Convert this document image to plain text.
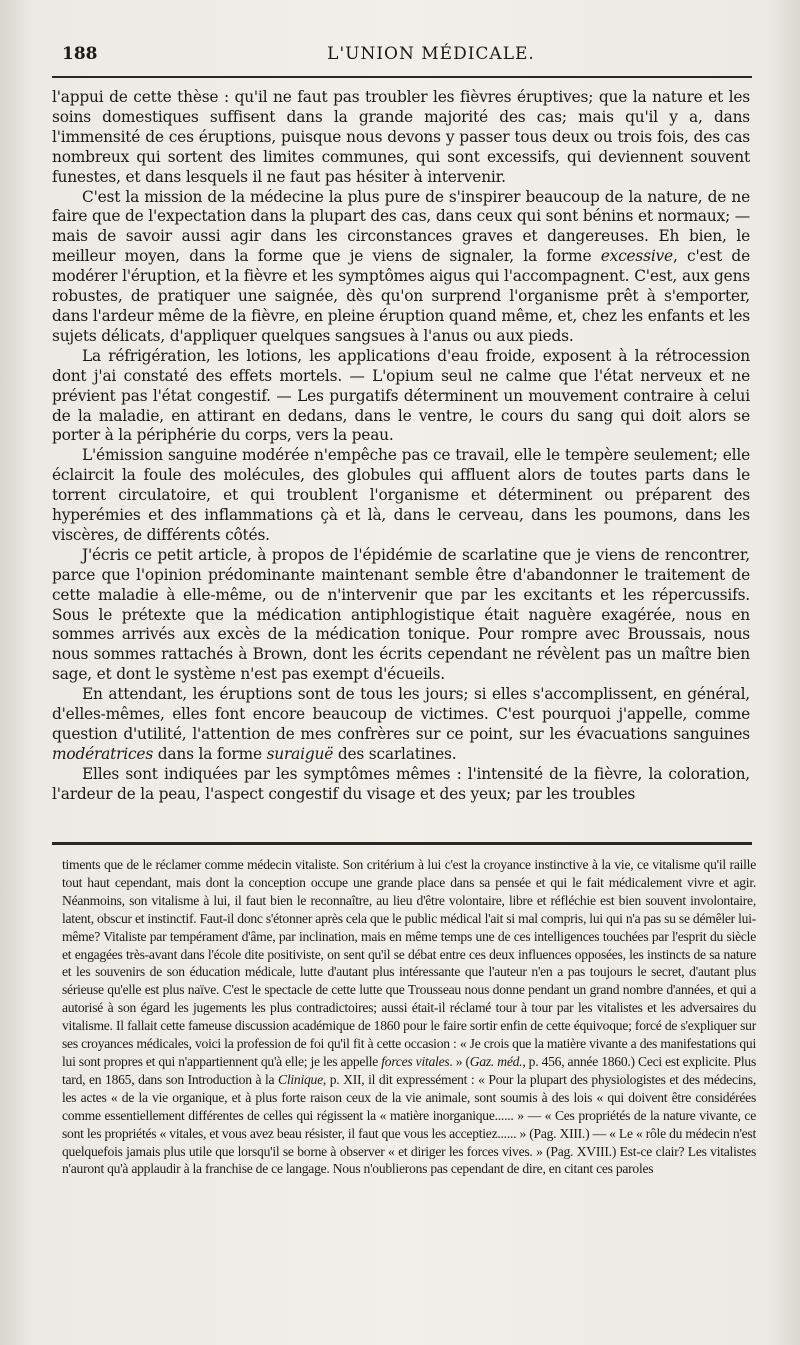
188	L'UNION MÉDICALE.

l'appui de cette thèse : qu'il ne faut pas troubler les fièvres éruptives; que la nature et les soins domestiques suffisent dans la grande majorité des cas; mais qu'il y a, dans l'immensité de ces éruptions, puisque nous devons y passer tous deux ou trois fois, des cas nombreux qui sortent des limites communes, qui sont excessifs, qui deviennent souvent funestes, et dans lesquels il ne faut pas hésiter à intervenir.

C'est la mission de la médecine la plus pure de s'inspirer beaucoup de la nature, de ne faire que de l'expectation dans la plupart des cas, dans ceux qui sont bénins et normaux; — mais de savoir aussi agir dans les circonstances graves et dangereuses. Eh bien, le meilleur moyen, dans la forme que je viens de signaler, la forme excessive, c'est de modérer l'éruption, et la fièvre et les symptômes aigus qui l'accompagnent. C'est, aux gens robustes, de pratiquer une saignée, dès qu'on surprend l'organisme prêt à s'emporter, dans l'ardeur même de la fièvre, en pleine éruption quand même, et, chez les enfants et les sujets délicats, d'appliquer quelques sangsues à l'anus ou aux pieds.

La réfrigération, les lotions, les applications d'eau froide, exposent à la rétrocession dont j'ai constaté des effets mortels. — L'opium seul ne calme que l'état nerveux et ne prévient pas l'état congestif. — Les purgatifs déterminent un mouvement contraire à celui de la maladie, en attirant en dedans, dans le ventre, le cours du sang qui doit alors se porter à la périphérie du corps, vers la peau.

L'émission sanguine modérée n'empêche pas ce travail, elle le tempère seulement; elle éclaircit la foule des molécules, des globules qui affluent alors de toutes parts dans le torrent circulatoire, et qui troublent l'organisme et déterminent ou préparent des hyperémies et des inflammations çà et là, dans le cerveau, dans les poumons, dans les viscères, de différents côtés.

J'écris ce petit article, à propos de l'épidémie de scarlatine que je viens de rencontrer, parce que l'opinion prédominante maintenant semble être d'abandonner le traitement de cette maladie à elle-même, ou de n'intervenir que par les excitants et les répercussifs. Sous le prétexte que la médication antiphlogistique était naguère exagérée, nous en sommes arrivés aux excès de la médication tonique. Pour rompre avec Broussais, nous nous sommes rattachés à Brown, dont les écrits cependant ne révèlent pas un maître bien sage, et dont le système n'est pas exempt d'écueils.

En attendant, les éruptions sont de tous les jours; si elles s'accomplissent, en général, d'elles-mêmes, elles font encore beaucoup de victimes. C'est pourquoi j'appelle, comme question d'utilité, l'attention de mes confrères sur ce point, sur les évacuations sanguines modératrices dans la forme suraiguë des scarlatines.

Elles sont indiquées par les symptômes mêmes : l'intensité de la fièvre, la coloration, l'ardeur de la peau, l'aspect congestif du visage et des yeux; par les troubles

timents que de le réclamer comme médecin vitaliste. Son critérium à lui c'est la croyance instinctive à la vie, ce vitalisme qu'il raille tout haut cependant, mais dont la conception occupe une grande place dans sa pensée et qui le fait médicalement vivre et agir. Néanmoins, son vitalisme à lui, il faut bien le reconnaître, au lieu d'être volontaire, libre et réfléchie est bien souvent involontaire, latent, obscur et instinctif. Faut-il donc s'étonner après cela que le public médical l'ait si mal compris, lui qui n'a pas su se démêler lui-même? Vitaliste par tempérament d'âme, par inclination, mais en même temps une de ces intelligences touchées par l'esprit du siècle et engagées très-avant dans l'école dite positiviste, on sent qu'il se débat entre ces deux influences opposées, les instincts de sa nature et les souvenirs de son éducation médicale, lutte d'autant plus intéressante que l'auteur n'en a pas toujours le secret, d'autant plus sérieuse qu'elle est plus naïve. C'est le spectacle de cette lutte que Trousseau nous donne pendant un grand nombre d'années, et qui a autorisé à son égard les jugements les plus contradictoires; aussi était-il réclamé tour à tour par les vitalistes et les adversaires du vitalisme. Il fallait cette fameuse discussion académique de 1860 pour le faire sortir enfin de cette équivoque; forcé de s'expliquer sur ses croyances médicales, voici la profession de foi qu'il fit à cette occasion : « Je crois que la matière vivante a des manifestations qui lui sont propres et qui n'appartiennent qu'à elle; je les appelle forces vitales. » (Gaz. méd., p. 456, année 1860.) Ceci est explicite. Plus tard, en 1865, dans son Introduction à la Clinique, p. XII, il dit expressément : « Pour la plupart des physiologistes et des médecins, les actes « de la vie organique, et à plus forte raison ceux de la vie animale, sont soumis à des lois « qui doivent être considérées comme essentiellement différentes de celles qui régissent la « matière inorganique...... » — « Ces propriétés de la nature vivante, ce sont les propriétés « vitales, et vous avez beau résister, il faut que vous les acceptiez...... » (Pag. XIII.) — « Le « rôle du médecin n'est quelquefois jamais plus utile que lorsqu'il se borne à observer « et diriger les forces vives. » (Pag. XVIII.) Est-ce clair? Les vitalistes n'auront qu'à applaudir à la franchise de ce langage. Nous n'oublierons pas cependant de dire, en citant ces paroles
